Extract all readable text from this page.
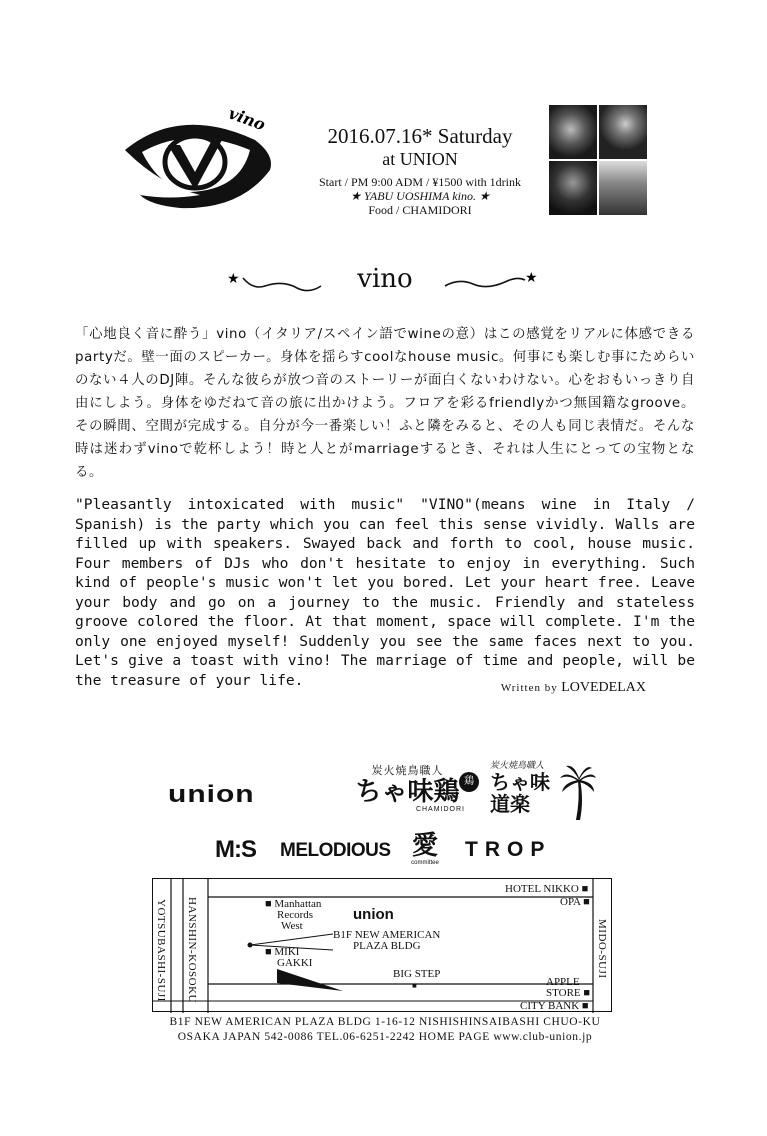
vino
2016.07.16* Saturday
at UNION
Start / PM 9:00 ADM / ¥1500 with 1drink
★ YABU UOSHIMA kino. ★
Food / CHAMIDORI
★	★
vino
「心地良く音に酔う」vino（イタリア/スペイン語でwineの意）はこの感覚をリアルに体感できるpartyだ。壁一面のスピーカー。身体を揺らすcoolなhouse music。何事にも楽しむ事にためらいのない４人のDJ陣。そんな彼らが放つ音のストーリーが面白くないわけない。心をおもいっきり自由にしよう。身体をゆだねて音の旅に出かけよう。フロアを彩るfriendlyかつ無国籍なgroove。その瞬間、空間が完成する。自分が今一番楽しい！ふと隣をみると、その人も同じ表情だ。そんな時は迷わずvinoで乾杯しよう！時と人とがmarriageするとき、それは人生にとっての宝物となる。
"Pleasantly intoxicated with music" "VINO"(means wine in Italy / Spanish) is the party which you can feel this sense vividly. Walls are filled up with speakers. Swayed back and forth to cool, house music. Four members of DJs who don't hesitate to enjoy in everything. Such kind of people's music won't let you bored. Let your heart free. Leave your body and go on a journey to the music. Friendly and stateless groove colored the floor. At that moment, space will complete. I'm the only one enjoyed myself! Suddenly you see the same faces next to you. Let's give a toast with vino! The marriage of time and people, will be the treasure of your life.	Written by LOVEDELAX
union
炭火焼鳥職人
ちゃ味鶏
CHAMIDORI
鶏
炭火焼鳥職人
ちゃ味
道楽
M:S MELODIOUS 愛
committee
TROP
YOTSUBASHI-SUJI HANSHIN-KOSOKU	MIDO-SUJI
■ Manhattan
Records
West
union
B1F NEW AMERICAN
PLAZA BLDG
■ MIKI
GAKKI
BIG STEP
■
HOTEL NIKKO ■
OPA ■
APPLE
STORE ■
CITY BANK ■
B1F NEW AMERICAN PLAZA BLDG 1-16-12 NISHISHINSAIBASHI CHUO-KU
OSAKA JAPAN 542-0086 TEL.06-6251-2242 HOME PAGE www.club-union.jp
